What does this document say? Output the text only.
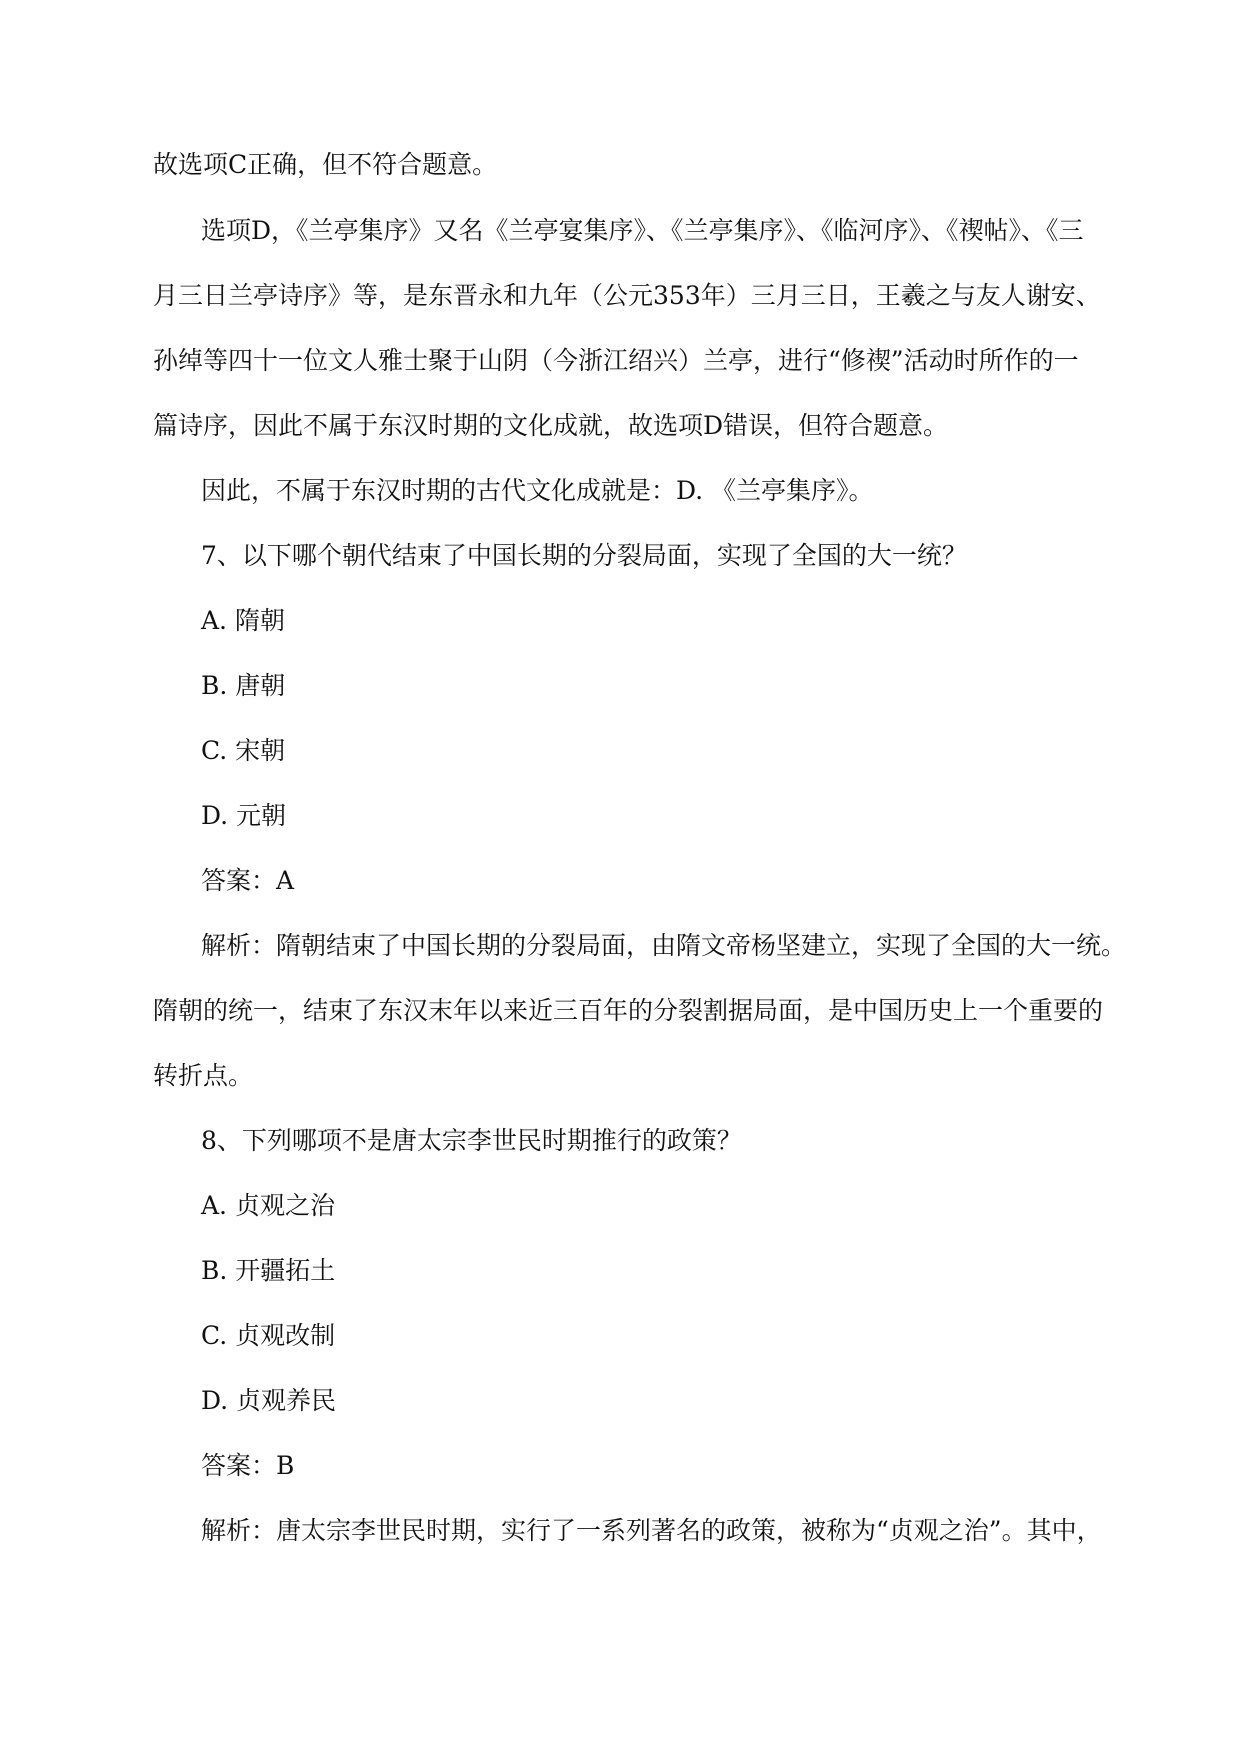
故选项C正确，但不符合题意。
选项D，《兰亭集序》又名《兰亭宴集序》、《兰亭集序》、《临河序》、《禊帖》、《三
月三日兰亭诗序》等，是东晋永和九年（公元353年）三月三日，王羲之与友人谢安、
孙绰等四十一位文人雅士聚于山阴（今浙江绍兴）兰亭，进行“修禊”活动时所作的一
篇诗序，因此不属于东汉时期的文化成就，故选项D错误，但符合题意。
因此，不属于东汉时期的古代文化成就是：D. 《兰亭集序》。
7、以下哪个朝代结束了中国长期的分裂局面，实现了全国的大一统？
A. 隋朝
B. 唐朝
C. 宋朝
D. 元朝
答案：A
解析：隋朝结束了中国长期的分裂局面，由隋文帝杨坚建立，实现了全国的大一统。
隋朝的统一，结束了东汉末年以来近三百年的分裂割据局面，是中国历史上一个重要的
转折点。
8、下列哪项不是唐太宗李世民时期推行的政策？
A. 贞观之治
B. 开疆拓土
C. 贞观改制
D. 贞观养民
答案：B
解析：唐太宗李世民时期，实行了一系列著名的政策，被称为“贞观之治”。其中，
